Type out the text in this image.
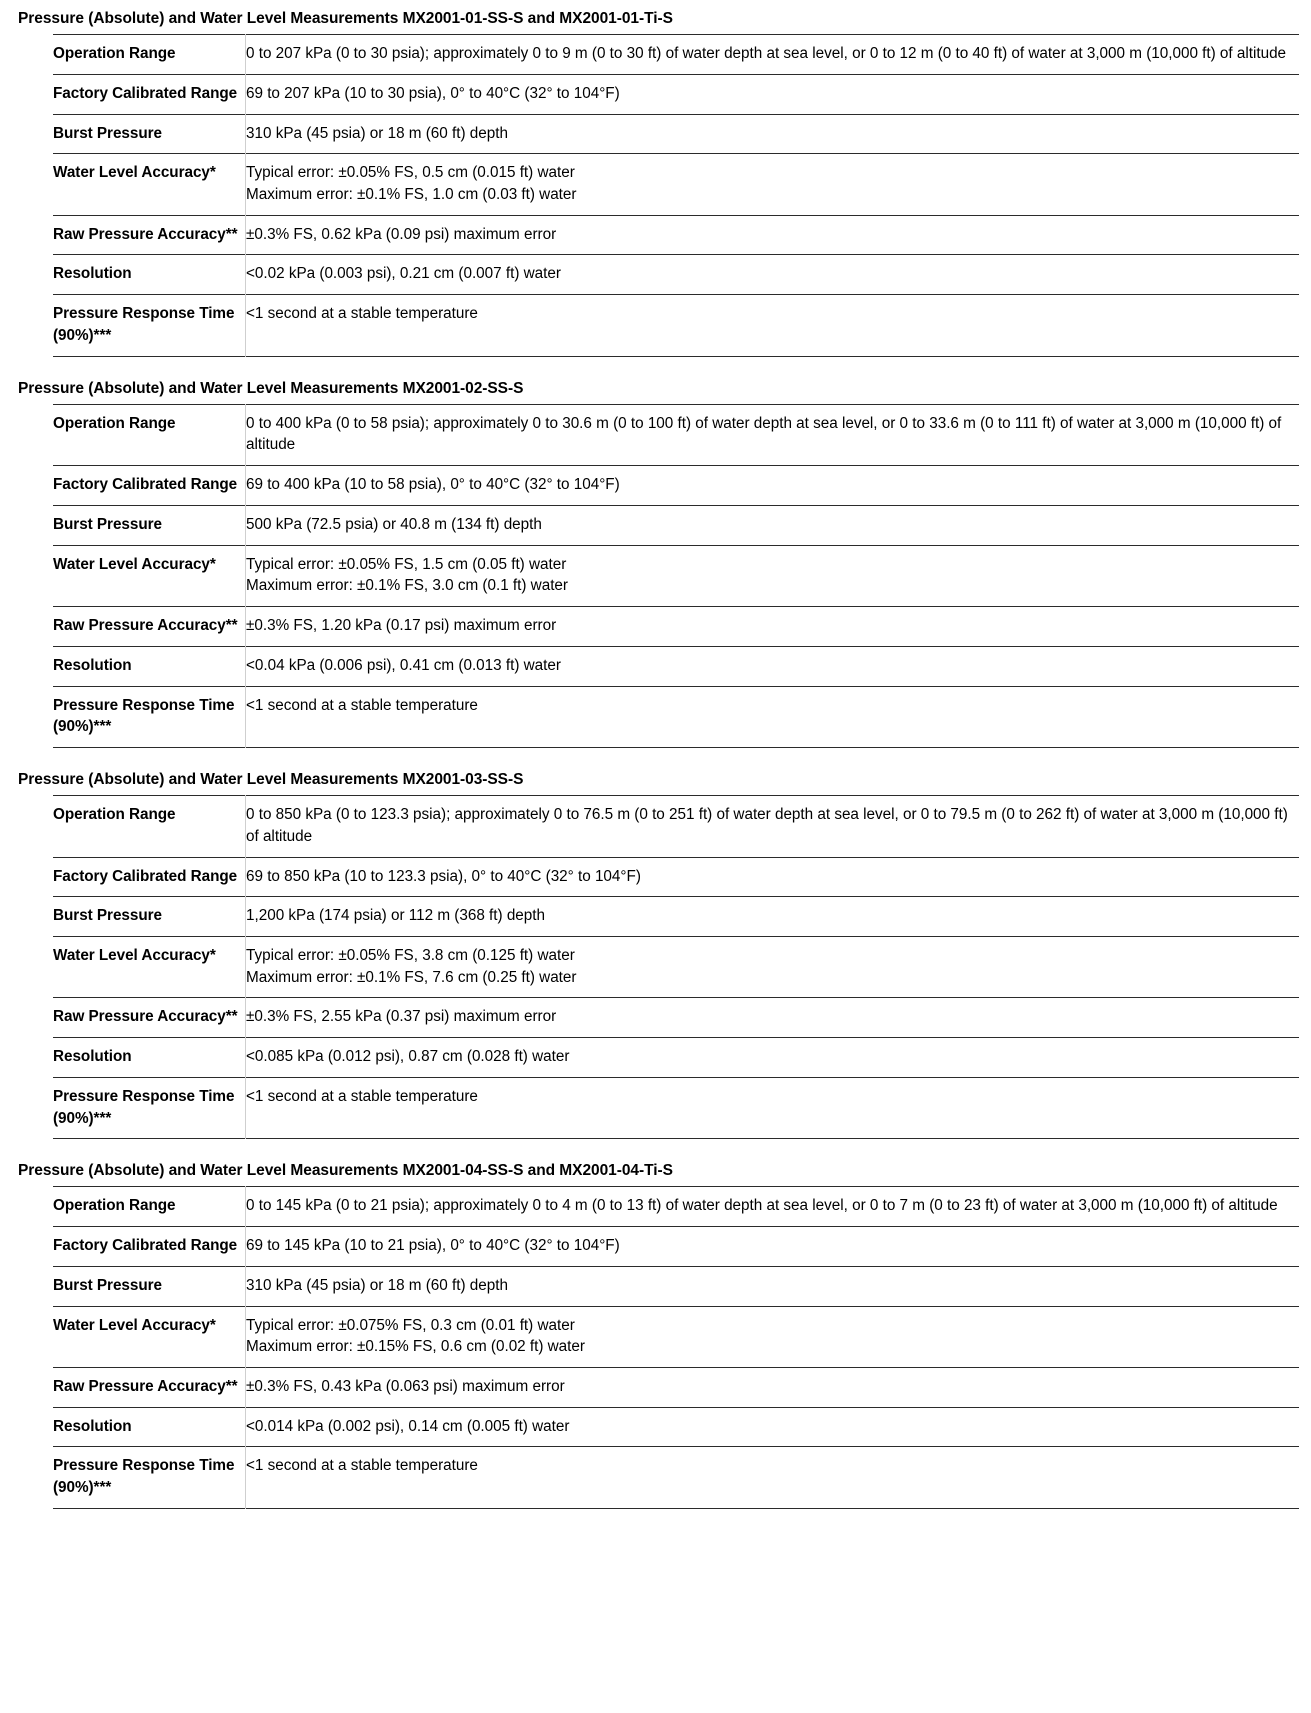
Pressure (Absolute) and Water Level Measurements MX2001-01-SS-S and MX2001-01-Ti-S
Operation Range	0 to 207 kPa (0 to 30 psia); approximately 0 to 9 m (0 to 30 ft) of water depth at sea level, or 0 to 12 m (0 to 40 ft) of water at 3,000 m (10,000 ft) of altitude

Factory Calibrated Range	69 to 207 kPa (10 to 30 psia), 0° to 40°C (32° to 104°F)

Burst Pressure	310 kPa (45 psia) or 18 m (60 ft) depth

Water Level Accuracy*	Typical error: ±0.05% FS, 0.5 cm (0.015 ft) water
Maximum error: ±0.1% FS, 1.0 cm (0.03 ft) water

Raw Pressure Accuracy**	±0.3% FS, 0.62 kPa (0.09 psi) maximum error

Resolution	<0.02 kPa (0.003 psi), 0.21 cm (0.007 ft) water

Pressure Response Time (90%)***	<1 second at a stable temperature
Pressure (Absolute) and Water Level Measurements MX2001-02-SS-S
Operation Range	0 to 400 kPa (0 to 58 psia); approximately 0 to 30.6 m (0 to 100 ft) of water depth at sea level, or 0 to 33.6 m (0 to 111 ft) of water at 3,000 m (10,000 ft) of altitude

Factory Calibrated Range	69 to 400 kPa (10 to 58 psia), 0° to 40°C (32° to 104°F)

Burst Pressure	500 kPa (72.5 psia) or 40.8 m (134 ft) depth

Water Level Accuracy*	Typical error: ±0.05% FS, 1.5 cm (0.05 ft) water
Maximum error: ±0.1% FS, 3.0 cm (0.1 ft) water

Raw Pressure Accuracy**	±0.3% FS, 1.20 kPa (0.17 psi) maximum error

Resolution	<0.04 kPa (0.006 psi), 0.41 cm (0.013 ft) water

Pressure Response Time (90%)***	<1 second at a stable temperature
Pressure (Absolute) and Water Level Measurements MX2001-03-SS-S
Operation Range	0 to 850 kPa (0 to 123.3 psia); approximately 0 to 76.5 m (0 to 251 ft) of water depth at sea level, or 0 to 79.5 m (0 to 262 ft) of water at 3,000 m (10,000 ft) of altitude

Factory Calibrated Range	69 to 850 kPa (10 to 123.3 psia), 0° to 40°C (32° to 104°F)

Burst Pressure	1,200 kPa (174 psia) or 112 m (368 ft) depth

Water Level Accuracy*	Typical error: ±0.05% FS, 3.8 cm (0.125 ft) water
Maximum error: ±0.1% FS, 7.6 cm (0.25 ft) water

Raw Pressure Accuracy**	±0.3% FS, 2.55 kPa (0.37 psi) maximum error

Resolution	<0.085 kPa (0.012 psi), 0.87 cm (0.028 ft) water

Pressure Response Time (90%)***	<1 second at a stable temperature
Pressure (Absolute) and Water Level Measurements MX2001-04-SS-S and MX2001-04-Ti-S
Operation Range	0 to 145 kPa (0 to 21 psia); approximately 0 to 4 m (0 to 13 ft) of water depth at sea level, or 0 to 7 m (0 to 23 ft) of water at 3,000 m (10,000 ft) of altitude

Factory Calibrated Range	69 to 145 kPa (10 to 21 psia), 0° to 40°C (32° to 104°F)

Burst Pressure	310 kPa (45 psia) or 18 m (60 ft) depth

Water Level Accuracy*	Typical error: ±0.075% FS, 0.3 cm (0.01 ft) water
Maximum error: ±0.15% FS, 0.6 cm (0.02 ft) water

Raw Pressure Accuracy**	±0.3% FS, 0.43 kPa (0.063 psi) maximum error

Resolution	<0.014 kPa (0.002 psi), 0.14 cm (0.005 ft) water

Pressure Response Time (90%)***	<1 second at a stable temperature
